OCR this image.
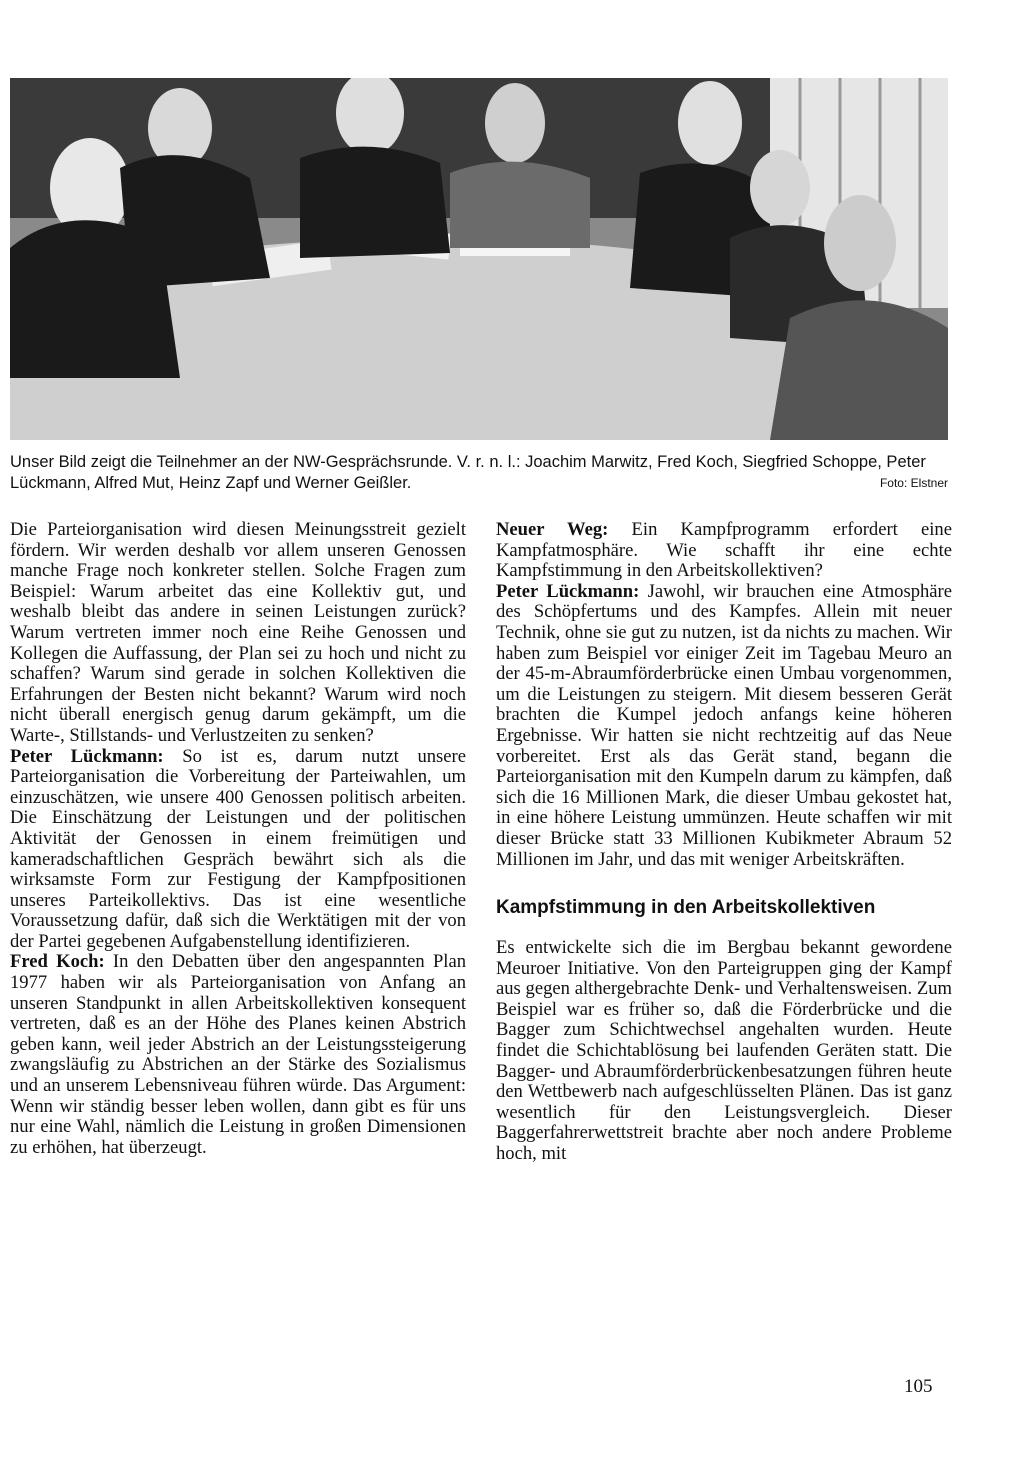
Unser Bild zeigt die Teilnehmer an der NW-Gesprächsrunde. V. r. n. l.: Joachim Marwitz, Fred Koch, Siegfried Schoppe, Peter Lückmann, Alfred Mut, Heinz Zapf und Werner Geißler.	Foto: Elstner

Die Parteiorganisation wird diesen Meinungsstreit gezielt fördern. Wir werden deshalb vor allem unseren Genossen manche Frage noch konkreter stellen. Solche Fragen zum Beispiel: Warum arbeitet das eine Kollektiv gut, und weshalb bleibt das andere in seinen Leistungen zurück? Warum vertreten immer noch eine Reihe Genossen und Kollegen die Auffassung, der Plan sei zu hoch und nicht zu schaffen? Warum sind gerade in solchen Kollektiven die Erfahrungen der Besten nicht bekannt? Warum wird noch nicht überall energisch genug darum gekämpft, um die Warte-, Stillstands- und Verlustzeiten zu senken?

Peter Lückmann: So ist es, darum nutzt unsere Parteiorganisation die Vorbereitung der Parteiwahlen, um einzuschätzen, wie unsere 400 Genossen politisch arbeiten. Die Einschätzung der Leistungen und der politischen Aktivität der Genossen in einem freimütigen und kameradschaftlichen Gespräch bewährt sich als die wirksamste Form zur Festigung der Kampfpositionen unseres Parteikollektivs. Das ist eine wesentliche Voraussetzung dafür, daß sich die Werktätigen mit der von der Partei gegebenen Aufgabenstellung identifizieren.

Fred Koch: In den Debatten über den angespannten Plan 1977 haben wir als Parteiorganisation von Anfang an unseren Standpunkt in allen Arbeitskollektiven konsequent vertreten, daß es an der Höhe des Planes keinen Abstrich geben kann, weil jeder Abstrich an der Leistungssteigerung zwangsläufig zu Abstrichen an der Stärke des Sozialismus und an unserem Lebensniveau führen würde. Das Argument: Wenn wir ständig besser leben wollen, dann gibt es für uns nur eine Wahl, nämlich die Leistung in großen Dimensionen zu erhöhen, hat überzeugt.

Neuer Weg: Ein Kampfprogramm erfordert eine Kampfatmosphäre. Wie schafft ihr eine echte Kampfstimmung in den Arbeitskollektiven?

Peter Lückmann: Jawohl, wir brauchen eine Atmosphäre des Schöpfertums und des Kampfes. Allein mit neuer Technik, ohne sie gut zu nutzen, ist da nichts zu machen. Wir haben zum Beispiel vor einiger Zeit im Tagebau Meuro an der 45-m-Abraumförderbrücke einen Umbau vorgenommen, um die Leistungen zu steigern. Mit diesem besseren Gerät brachten die Kumpel jedoch anfangs keine höheren Ergebnisse. Wir hatten sie nicht rechtzeitig auf das Neue vorbereitet. Erst als das Gerät stand, begann die Parteiorganisation mit den Kumpeln darum zu kämpfen, daß sich die 16 Millionen Mark, die dieser Umbau gekostet hat, in eine höhere Leistung ummünzen. Heute schaffen wir mit dieser Brücke statt 33 Millionen Kubikmeter Abraum 52 Millionen im Jahr, und das mit weniger Arbeitskräften.

Kampfstimmung in den Arbeitskollektiven

Es entwickelte sich die im Bergbau bekannt gewordene Meuroer Initiative. Von den Parteigruppen ging der Kampf aus gegen althergebrachte Denk- und Verhaltensweisen. Zum Beispiel war es früher so, daß die Förderbrücke und die Bagger zum Schichtwechsel angehalten wurden. Heute findet die Schichtablösung bei laufenden Geräten statt. Die Bagger- und Abraumförderbrückenbesatzungen führen heute den Wettbewerb nach aufgeschlüsselten Plänen. Das ist ganz wesentlich für den Leistungsvergleich. Dieser Baggerfahrerwettstreit brachte aber noch andere Probleme hoch, mit

105
